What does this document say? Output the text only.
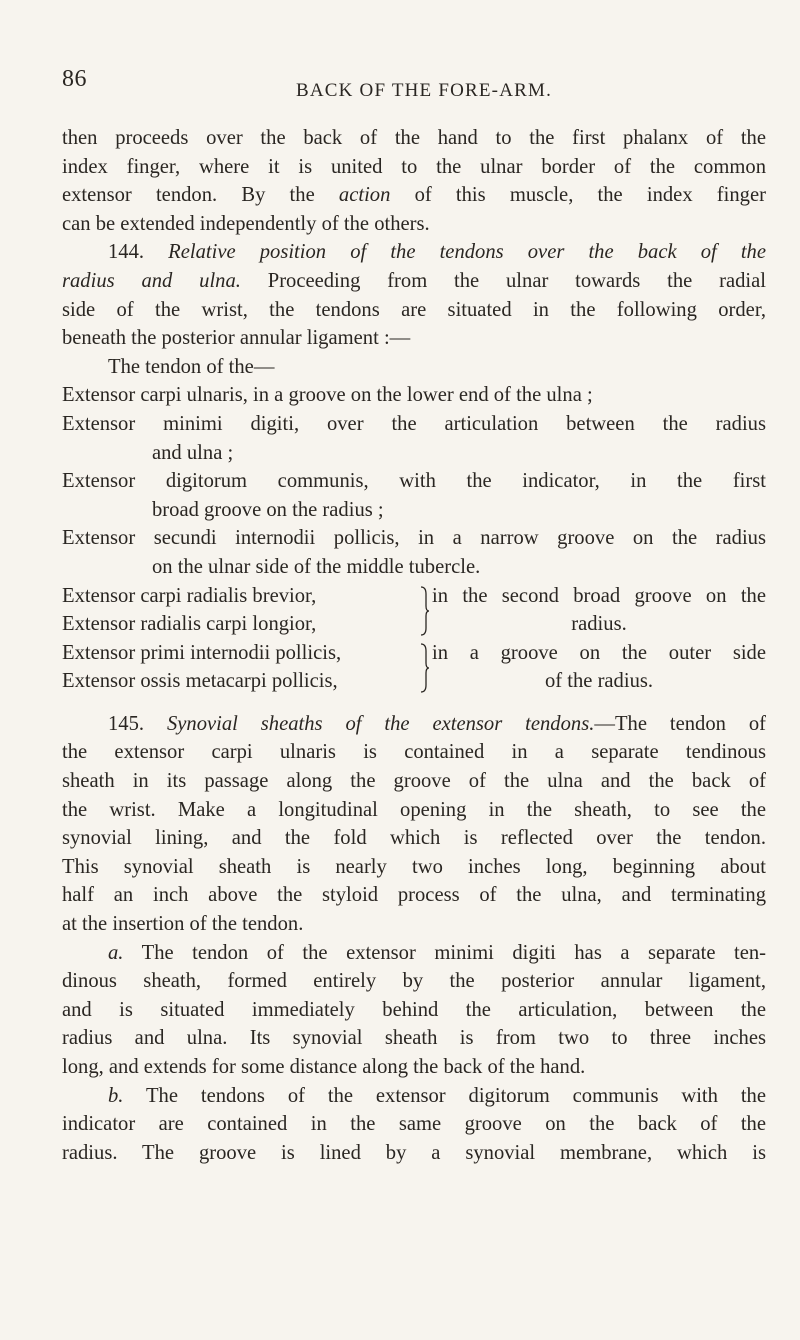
86	BACK OF THE FORE-ARM.
then proceeds over the back of the hand to the first phalanx of the
index finger, where it is united to the ulnar border of the common
extensor tendon. By the action of this muscle, the index finger
can be extended independently of the others.
144. Relative position of the tendons over the back of the
radius and ulna. Proceeding from the ulnar towards the radial
side of the wrist, the tendons are situated in the following order,
beneath the posterior annular ligament :—
The tendon of the—
Extensor carpi ulnaris, in a groove on the lower end of the ulna ;
Extensor minimi digiti, over the articulation between the radius
and ulna ;
Extensor digitorum communis, with the indicator, in the first
broad groove on the radius ;
Extensor secundi internodii pollicis, in a narrow groove on the radius
on the ulnar side of the middle tubercle.
Extensor carpi radialis brevior,	in the second broad groove on the
Extensor radialis carpi longior,	radius.
Extensor primi internodii pollicis,	in a groove on the outer side
Extensor ossis metacarpi pollicis,	of the radius.
145. Synovial sheaths of the extensor tendons.—The tendon of
the extensor carpi ulnaris is contained in a separate tendinous
sheath in its passage along the groove of the ulna and the back of
the wrist. Make a longitudinal opening in the sheath, to see the
synovial lining, and the fold which is reflected over the tendon.
This synovial sheath is nearly two inches long, beginning about
half an inch above the styloid process of the ulna, and terminating
at the insertion of the tendon.
a. The tendon of the extensor minimi digiti has a separate ten-
dinous sheath, formed entirely by the posterior annular ligament,
and is situated immediately behind the articulation, between the
radius and ulna. Its synovial sheath is from two to three inches
long, and extends for some distance along the back of the hand.
b. The tendons of the extensor digitorum communis with the
indicator are contained in the same groove on the back of the
radius. The groove is lined by a synovial membrane, which is
